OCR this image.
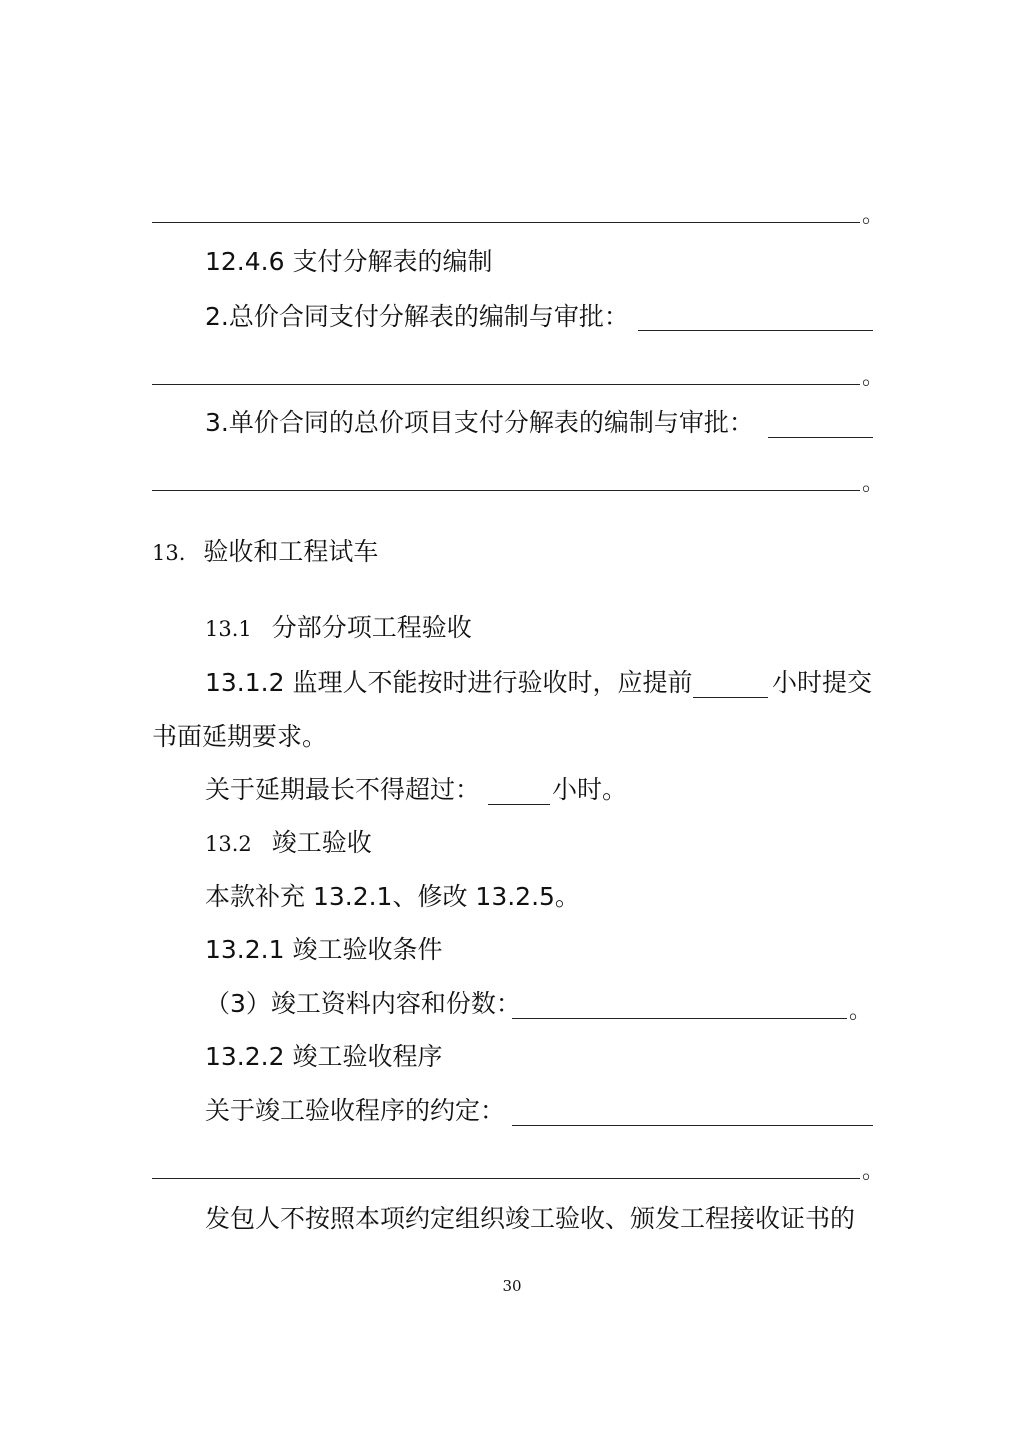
。
12.4.6 支付分解表的编制
2.总价合同支付分解表的编制与审批：
。
3.单价合同的总价项目支付分解表的编制与审批：
。
13. 验收和工程试车
13.1 分部分项工程验收
13.1.2 监理人不能按时进行验收时，应提前	小时提交
书面延期要求。
关于延期最长不得超过：	小时。
13.2 竣工验收
本款补充 13.2.1、修改 13.2.5。
13.2.1 竣工验收条件
（3）竣工资料内容和份数：	。
13.2.2 竣工验收程序
关于竣工验收程序的约定：
。
发包人不按照本项约定组织竣工验收、颁发工程接收证书的
30
